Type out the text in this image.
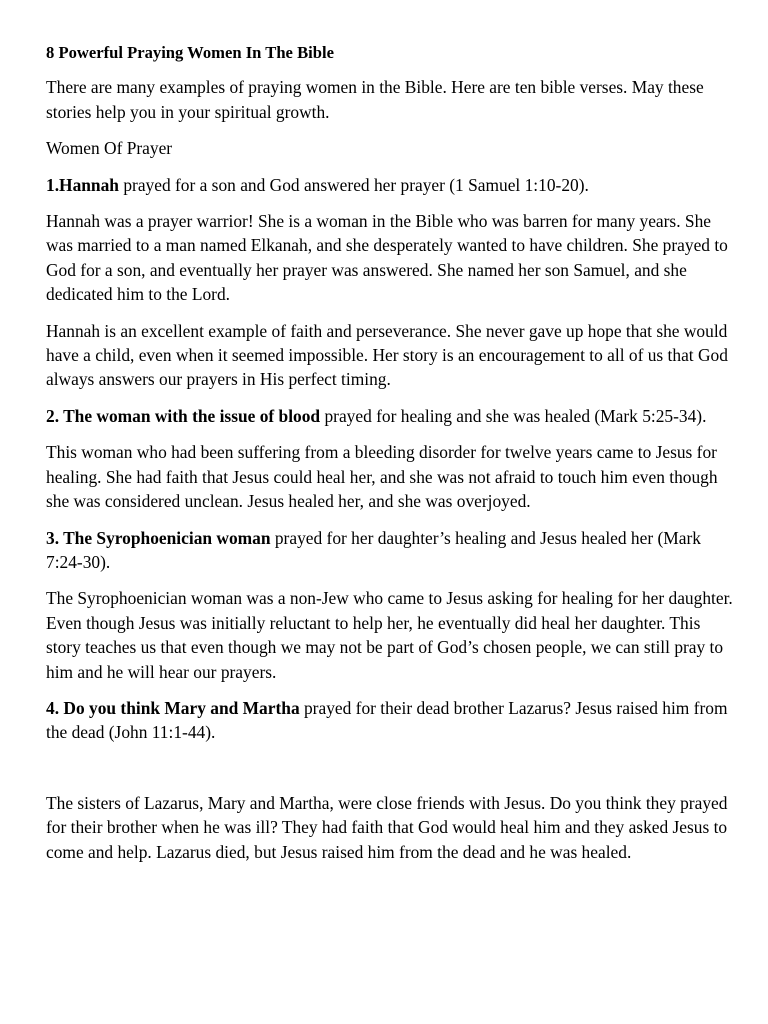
8 Powerful Praying Women In The Bible

There are many examples of praying women in the Bible. Here are ten bible verses. May these stories help you in your spiritual growth.

Women Of Prayer

1.Hannah prayed for a son and God answered her prayer (1 Samuel 1:10-20).

Hannah was a prayer warrior! She is a woman in the Bible who was barren for many years. She was married to a man named Elkanah, and she desperately wanted to have children. She prayed to God for a son, and eventually her prayer was answered. She named her son Samuel, and she dedicated him to the Lord.

Hannah is an excellent example of faith and perseverance. She never gave up hope that she would have a child, even when it seemed impossible. Her story is an encouragement to all of us that God always answers our prayers in His perfect timing.

2. The woman with the issue of blood prayed for healing and she was healed (Mark 5:25-34).

This woman who had been suffering from a bleeding disorder for twelve years came to Jesus for healing. She had faith that Jesus could heal her, and she was not afraid to touch him even though she was considered unclean. Jesus healed her, and she was overjoyed.

3. The Syrophoenician woman prayed for her daughter’s healing and Jesus healed her (Mark 7:24-30).

The Syrophoenician woman was a non-Jew who came to Jesus asking for healing for her daughter. Even though Jesus was initially reluctant to help her, he eventually did heal her daughter. This story teaches us that even though we may not be part of God’s chosen people, we can still pray to him and he will hear our prayers.

4. Do you think Mary and Martha prayed for their dead brother Lazarus? Jesus raised him from the dead (John 11:1-44).

The sisters of Lazarus, Mary and Martha, were close friends with Jesus. Do you think they prayed for their brother when he was ill? They had faith that God would heal him and they asked Jesus to come and help. Lazarus died, but Jesus raised him from the dead and he was healed.
